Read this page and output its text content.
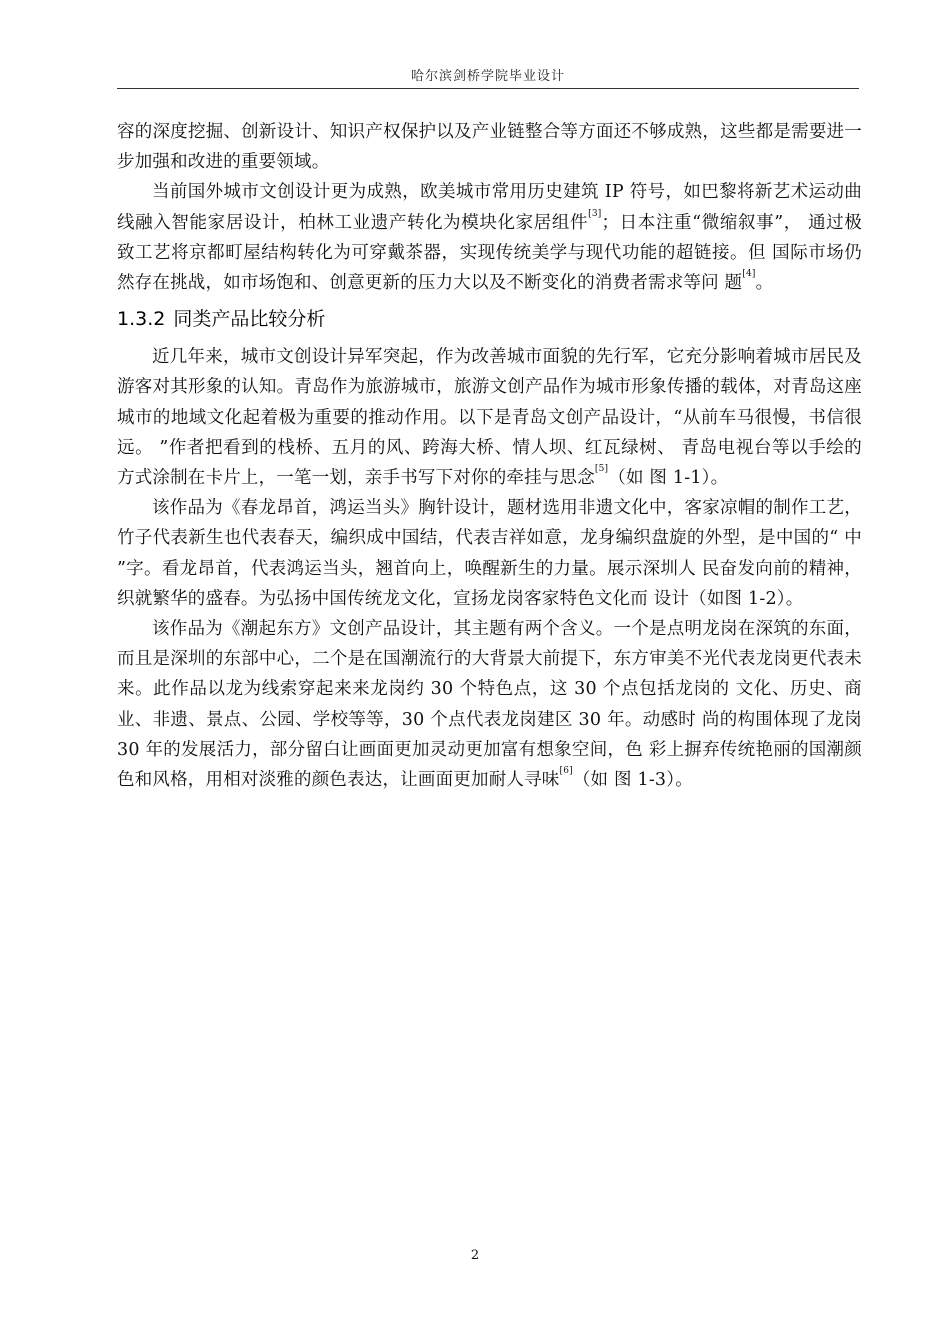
哈尔滨剑桥学院毕业设计

容的深度挖掘、创新设计、知识产权保护以及产业链整合等方面还不够成熟，这些都是需要进一步加强和改进的重要领域。

当前国外城市文创设计更为成熟，欧美城市常用历史建筑 IP 符号，如巴黎将新艺术运动曲线融入智能家居设计，柏林工业遗产转化为模块化家居组件[3]；日本注重“微缩叙事”， 通过极致工艺将京都町屋结构转化为可穿戴茶器，实现传统美学与现代功能的超链接。但 国际市场仍然存在挑战，如市场饱和、创意更新的压力大以及不断变化的消费者需求等问 题[4]。

1.3.2 同类产品比较分析

近几年来，城市文创设计异军突起，作为改善城市面貌的先行军，它充分影响着城市居民及游客对其形象的认知。青岛作为旅游城市，旅游文创产品作为城市形象传播的载体，对青岛这座城市的地域文化起着极为重要的推动作用。以下是青岛文创产品设计，“从前车马很慢，书信很远。 ”作者把看到的栈桥、五月的风、跨海大桥、情人坝、红瓦绿树、 青岛电视台等以手绘的方式涂制在卡片上，一笔一划，亲手书写下对你的牵挂与思念[5]（如 图 1-1）。

该作品为《春龙昂首，鸿运当头》胸针设计，题材选用非遗文化中，客家凉帽的制作工艺，竹子代表新生也代表春天，编织成中国结，代表吉祥如意，龙身编织盘旋的外型，是中国的“ 中 ”字。看龙昂首，代表鸿运当头，翘首向上，唤醒新生的力量。展示深圳人 民奋发向前的精神，织就繁华的盛春。为弘扬中国传统龙文化，宣扬龙岗客家特色文化而 设计（如图 1-2）。

该作品为《潮起东方》文创产品设计，其主题有两个含义。一个是点明龙岗在深筑的东面，而且是深圳的东部中心，二个是在国潮流行的大背景大前提下，东方审美不光代表龙岗更代表未来。此作品以龙为线索穿起来来龙岗约 30 个特色点，这 30 个点包括龙岗的 文化、历史、商业、非遗、景点、公园、学校等等，30 个点代表龙岗建区 30 年。动感时 尚的构围体现了龙岗 30 年的发展活力，部分留白让画面更加灵动更加富有想象空间，色 彩上摒弃传统艳丽的国潮颜色和风格，用相对淡雅的颜色表达，让画面更加耐人寻味[6]（如 图 1-3）。

2
